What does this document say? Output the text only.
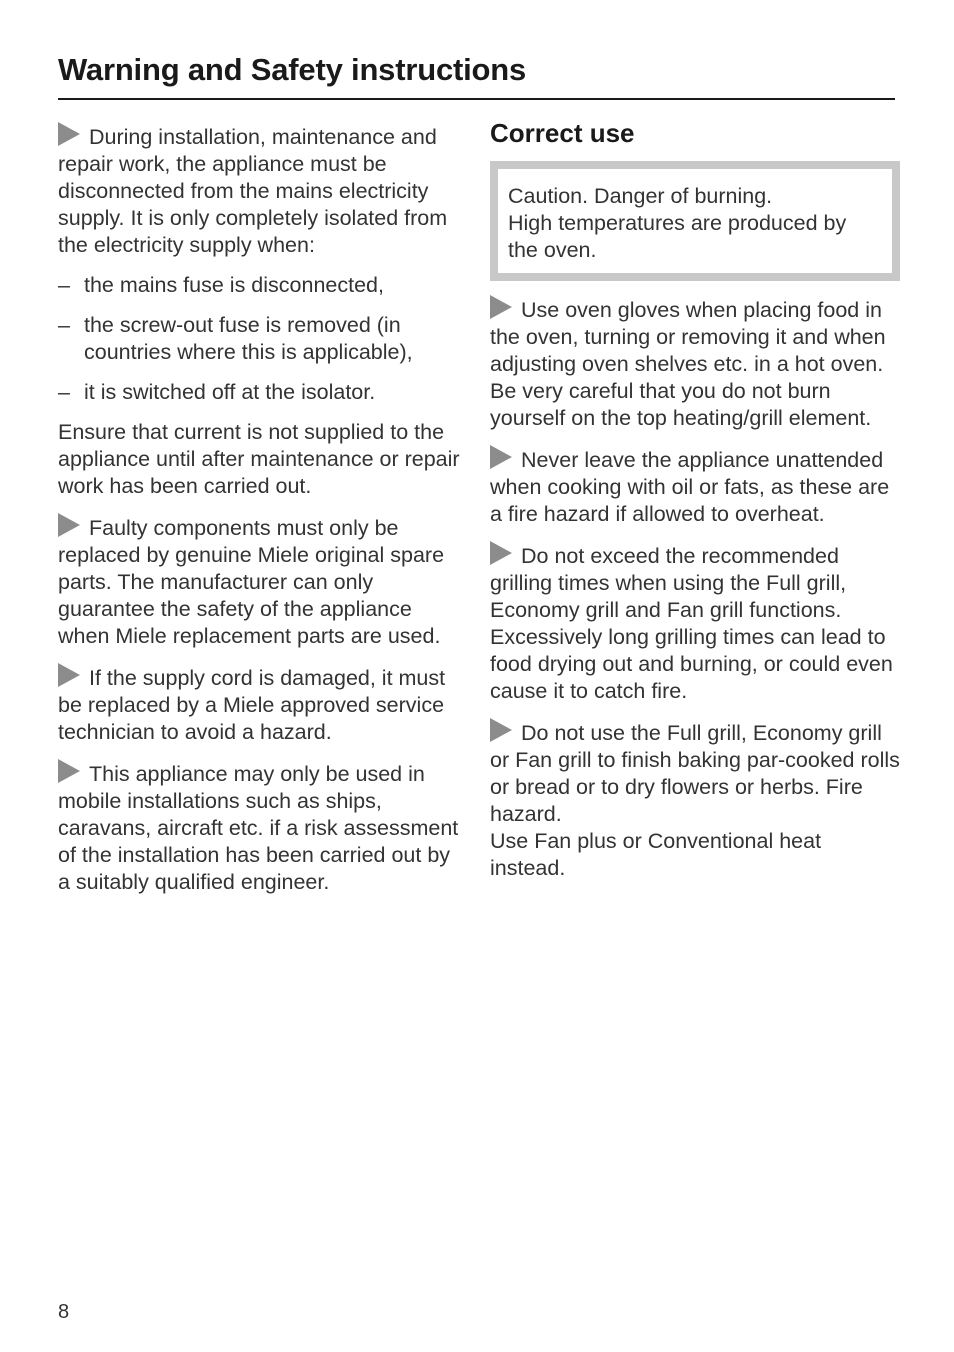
Warning and Safety instructions

During installation, maintenance and repair work, the appliance must be disconnected from the mains electricity supply. It is only completely isolated from the electricity supply when:

– the mains fuse is disconnected,
– the screw-out fuse is removed (in countries where this is applicable),
– it is switched off at the isolator.

Ensure that current is not supplied to the appliance until after maintenance or repair work has been carried out.

Faulty components must only be replaced by genuine Miele original spare parts. The manufacturer can only guarantee the safety of the appliance when Miele replacement parts are used.

If the supply cord is damaged, it must be replaced by a Miele approved service technician to avoid a hazard.

This appliance may only be used in mobile installations such as ships, caravans, aircraft etc. if a risk assessment of the installation has been carried out by a suitably qualified engineer.

Correct use

Caution. Danger of burning.

High temperatures are produced by the oven.

Use oven gloves when placing food in the oven, turning or removing it and when adjusting oven shelves etc. in a hot oven. Be very careful that you do not burn yourself on the top heating/grill element.

Never leave the appliance unattended when cooking with oil or fats, as these are a fire hazard if allowed to overheat.

Do not exceed the recommended grilling times when using the Full grill, Economy grill and Fan grill functions. Excessively long grilling times can lead to food drying out and burning, or could even cause it to catch fire.

Do not use the Full grill, Economy grill or Fan grill to finish baking par-cooked rolls or bread or to dry flowers or herbs. Fire hazard.
Use Fan plus or Conventional heat instead.

8
